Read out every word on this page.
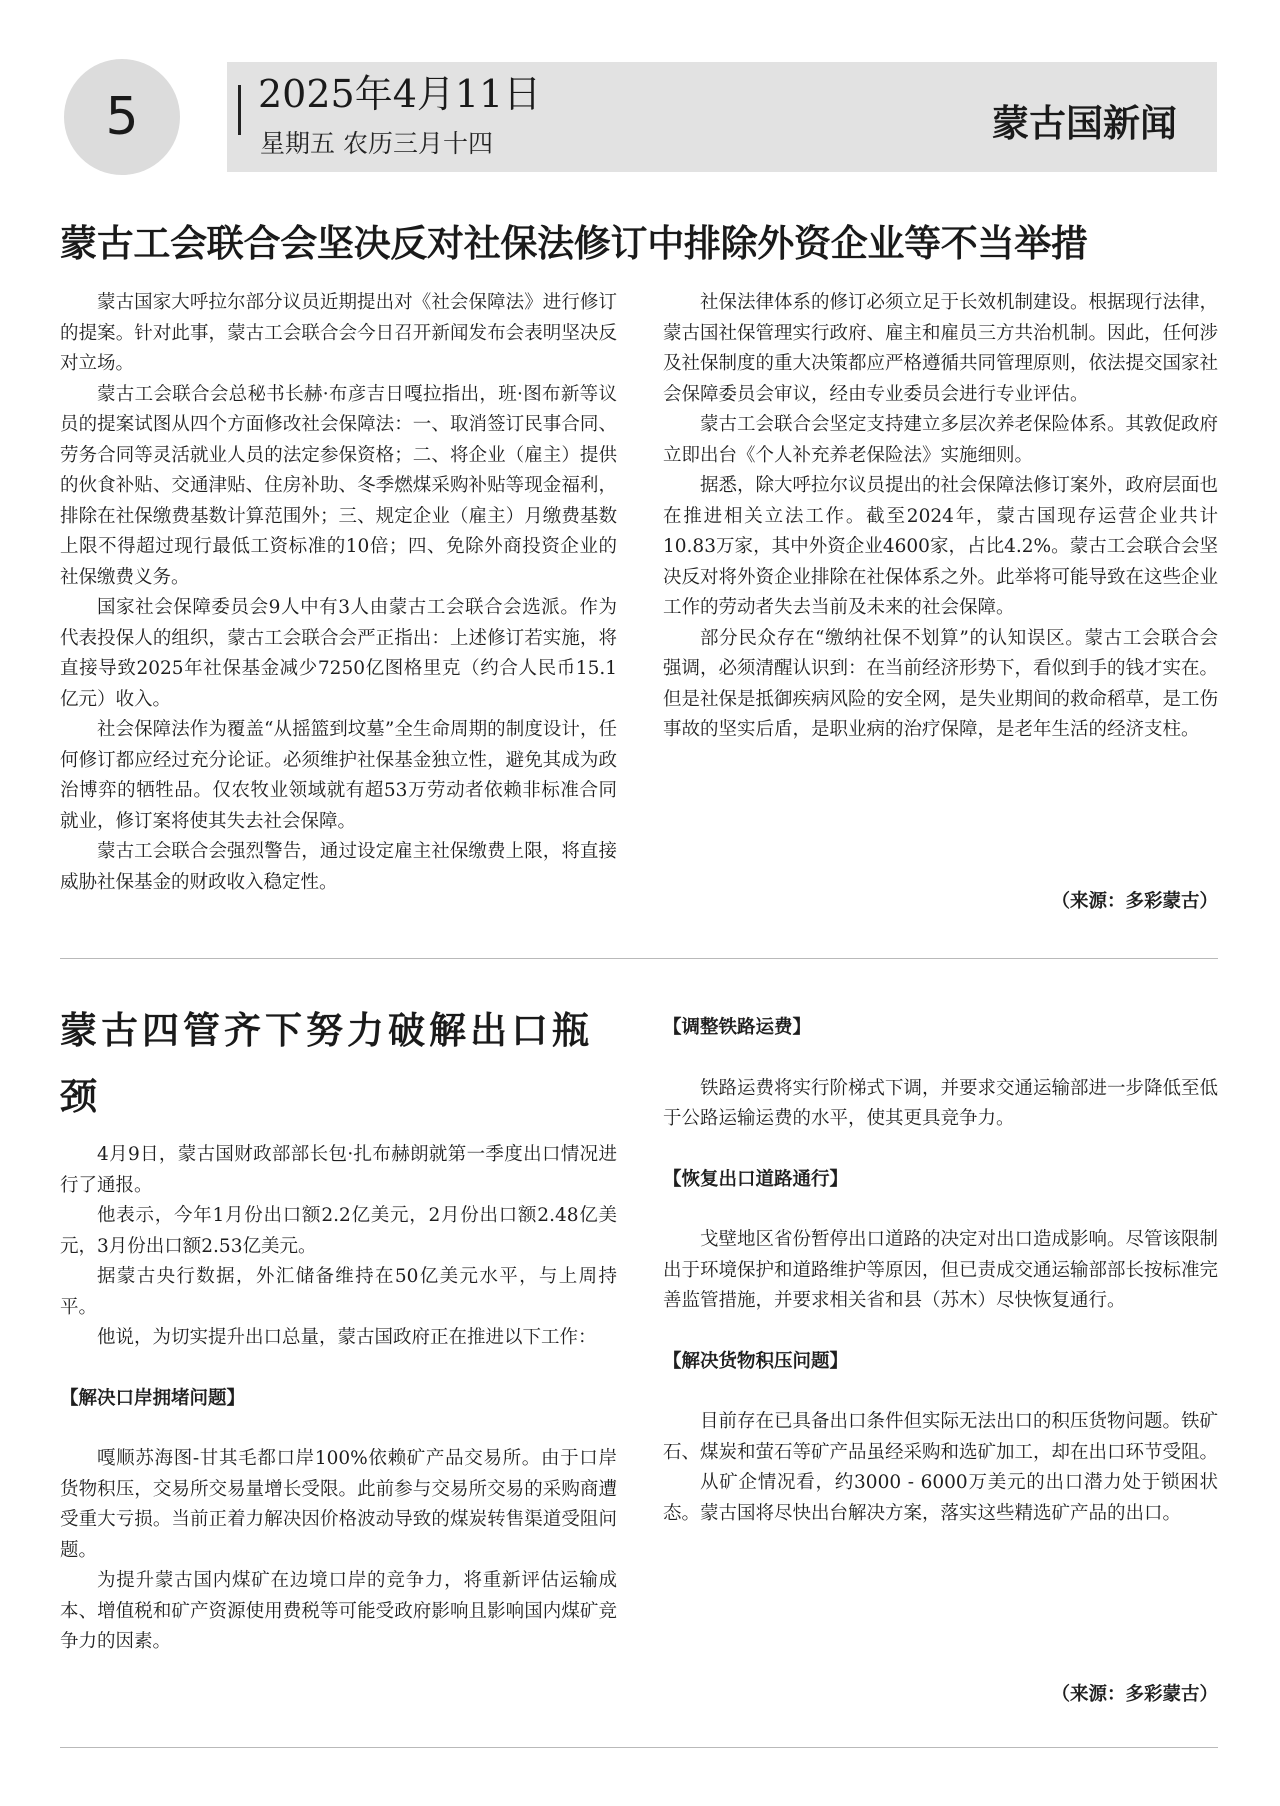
5	2025年4月11日
星期五 农历三月十四	蒙古国新闻
蒙古工会联合会坚决反对社保法修订中排除外资企业等不当举措

蒙古国家大呼拉尔部分议员近期提出对《社会保障法》进行修订的提案。针对此事，蒙古工会联合会今日召开新闻发布会表明坚决反对立场。

蒙古工会联合会总秘书长赫·布彦吉日嘎拉指出，班·图布新等议员的提案试图从四个方面修改社会保障法：一、取消签订民事合同、劳务合同等灵活就业人员的法定参保资格；二、将企业（雇主）提供的伙食补贴、交通津贴、住房补助、冬季燃煤采购补贴等现金福利，排除在社保缴费基数计算范围外；三、规定企业（雇主）月缴费基数上限不得超过现行最低工资标准的10倍；四、免除外商投资企业的社保缴费义务。

国家社会保障委员会9人中有3人由蒙古工会联合会选派。作为代表投保人的组织，蒙古工会联合会严正指出：上述修订若实施，将直接导致2025年社保基金减少7250亿图格里克（约合人民币15.1亿元）收入。

社会保障法作为覆盖“从摇篮到坟墓”全生命周期的制度设计，任何修订都应经过充分论证。必须维护社保基金独立性，避免其成为政治博弈的牺牲品。仅农牧业领域就有超53万劳动者依赖非标准合同就业，修订案将使其失去社会保障。

蒙古工会联合会强烈警告，通过设定雇主社保缴费上限，将直接威胁社保基金的财政收入稳定性。

社保法律体系的修订必须立足于长效机制建设。根据现行法律，蒙古国社保管理实行政府、雇主和雇员三方共治机制。因此，任何涉及社保制度的重大决策都应严格遵循共同管理原则，依法提交国家社会保障委员会审议，经由专业委员会进行专业评估。

蒙古工会联合会坚定支持建立多层次养老保险体系。其敦促政府立即出台《个人补充养老保险法》实施细则。

据悉，除大呼拉尔议员提出的社会保障法修订案外，政府层面也在推进相关立法工作。截至2024年，蒙古国现存运营企业共计10.83万家，其中外资企业4600家，占比4.2%。蒙古工会联合会坚决反对将外资企业排除在社保体系之外。此举将可能导致在这些企业工作的劳动者失去当前及未来的社会保障。

部分民众存在“缴纳社保不划算”的认知误区。蒙古工会联合会强调，必须清醒认识到：在当前经济形势下，看似到手的钱才实在。但是社保是抵御疾病风险的安全网，是失业期间的救命稻草，是工伤事故的坚实后盾，是职业病的治疗保障，是老年生活的经济支柱。

（来源：多彩蒙古）
蒙古四管齐下努力破解出口瓶颈

4月9日，蒙古国财政部部长包·扎布赫朗就第一季度出口情况进行了通报。

他表示，今年1月份出口额2.2亿美元，2月份出口额2.48亿美元，3月份出口额2.53亿美元。

据蒙古央行数据，外汇储备维持在50亿美元水平，与上周持平。

他说，为切实提升出口总量，蒙古国政府正在推进以下工作：

【解决口岸拥堵问题】

嘎顺苏海图-甘其毛都口岸100%依赖矿产品交易所。由于口岸货物积压，交易所交易量增长受限。此前参与交易所交易的采购商遭受重大亏损。当前正着力解决因价格波动导致的煤炭转售渠道受阻问题。

为提升蒙古国内煤矿在边境口岸的竞争力，将重新评估运输成本、增值税和矿产资源使用费税等可能受政府影响且影响国内煤矿竞争力的因素。

【调整铁路运费】

铁路运费将实行阶梯式下调，并要求交通运输部进一步降低至低于公路运输运费的水平，使其更具竞争力。

【恢复出口道路通行】

戈壁地区省份暂停出口道路的决定对出口造成影响。尽管该限制出于环境保护和道路维护等原因，但已责成交通运输部部长按标准完善监管措施，并要求相关省和县（苏木）尽快恢复通行。

【解决货物积压问题】

目前存在已具备出口条件但实际无法出口的积压货物问题。铁矿石、煤炭和萤石等矿产品虽经采购和选矿加工，却在出口环节受阻。

从矿企情况看，约3000 - 6000万美元的出口潜力处于锁困状态。蒙古国将尽快出台解决方案，落实这些精选矿产品的出口。

（来源：多彩蒙古）
